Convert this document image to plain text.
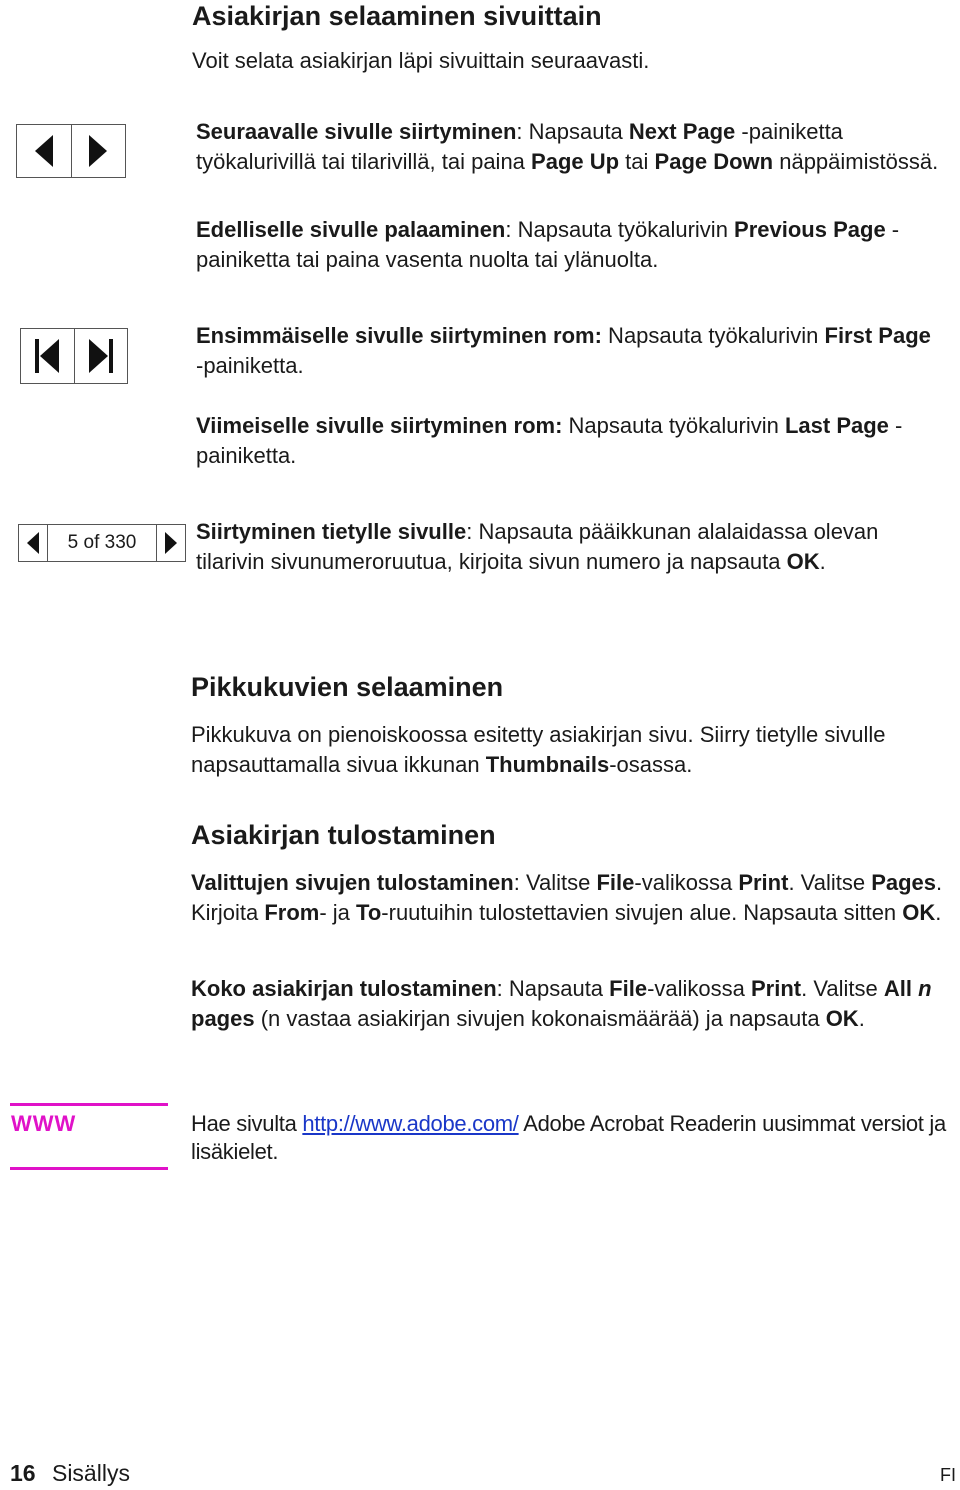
Asiakirjan selaaminen sivuittain

Voit selata asiakirjan läpi sivuittain seuraavasti.

Seuraavalle sivulle siirtyminen: Napsauta Next Page -painiketta työkalurivillä tai tilarivillä, tai paina Page Up tai Page Down näppäimistössä.

Edelliselle sivulle palaaminen: Napsauta työkalurivin Previous Page -painiketta tai paina vasenta nuolta tai ylänuolta.

Ensimmäiselle sivulle siirtyminen rom: Napsauta työkalurivin First Page -painiketta.

Viimeiselle sivulle siirtyminen rom: Napsauta työkalurivin Last Page -painiketta.

5 of 330	Siirtyminen tietylle sivulle: Napsauta pääikkunan alalaidassa olevan tilarivin sivunumeroruutua, kirjoita sivun numero ja napsauta OK.

Pikkukuvien selaaminen

Pikkukuva on pienoiskoossa esitetty asiakirjan sivu. Siirry tietylle sivulle napsauttamalla sivua ikkunan Thumbnails-osassa.

Asiakirjan tulostaminen

Valittujen sivujen tulostaminen: Valitse File-valikossa Print. Valitse Pages. Kirjoita From- ja To-ruutuihin tulostettavien sivujen alue. Napsauta sitten OK.

Koko asiakirjan tulostaminen: Napsauta File-valikossa Print. Valitse All n pages (n vastaa asiakirjan sivujen kokonaismäärää) ja napsauta OK.

WWW	Hae sivulta http://www.adobe.com/ Adobe Acrobat Readerin uusimmat versiot ja lisäkielet.

16 Sisällys	FI
